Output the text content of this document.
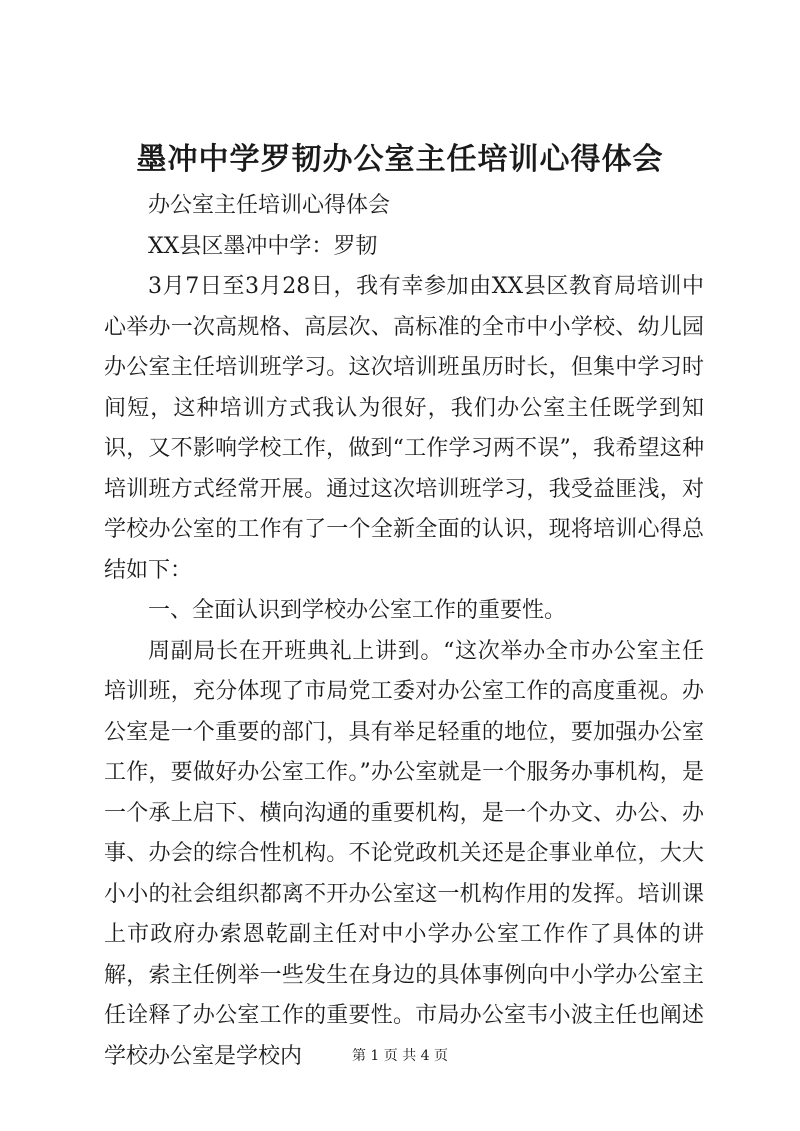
墨冲中学罗韧办公室主任培训心得体会

办公室主任培训心得体会

XX县区墨冲中学：罗韧

3月7日至3月28日，我有幸参加由XX县区教育局培训中心举办一次高规格、高层次、高标准的全市中小学校、幼儿园办公室主任培训班学习。这次培训班虽历时长，但集中学习时间短，这种培训方式我认为很好，我们办公室主任既学到知识，又不影响学校工作，做到“工作学习两不误”，我希望这种培训班方式经常开展。通过这次培训班学习，我受益匪浅，对学校办公室的工作有了一个全新全面的认识，现将培训心得总结如下：

一、全面认识到学校办公室工作的重要性。

周副局长在开班典礼上讲到。“这次举办全市办公室主任培训班，充分体现了市局党工委对办公室工作的高度重视。办公室是一个重要的部门，具有举足轻重的地位，要加强办公室工作，要做好办公室工作。”办公室就是一个服务办事机构，是一个承上启下、横向沟通的重要机构，是一个办文、办公、办事、办会的综合性机构。不论党政机关还是企事业单位，大大小小的社会组织都离不开办公室这一机构作用的发挥。培训课上市政府办索恩乾副主任对中小学办公室工作作了具体的讲解，索主任例举一些发生在身边的具体事例向中小学办公室主任诠释了办公室工作的重要性。市局办公室韦小波主任也阐述学校办公室是学校内	第 1 页 共 4 页
